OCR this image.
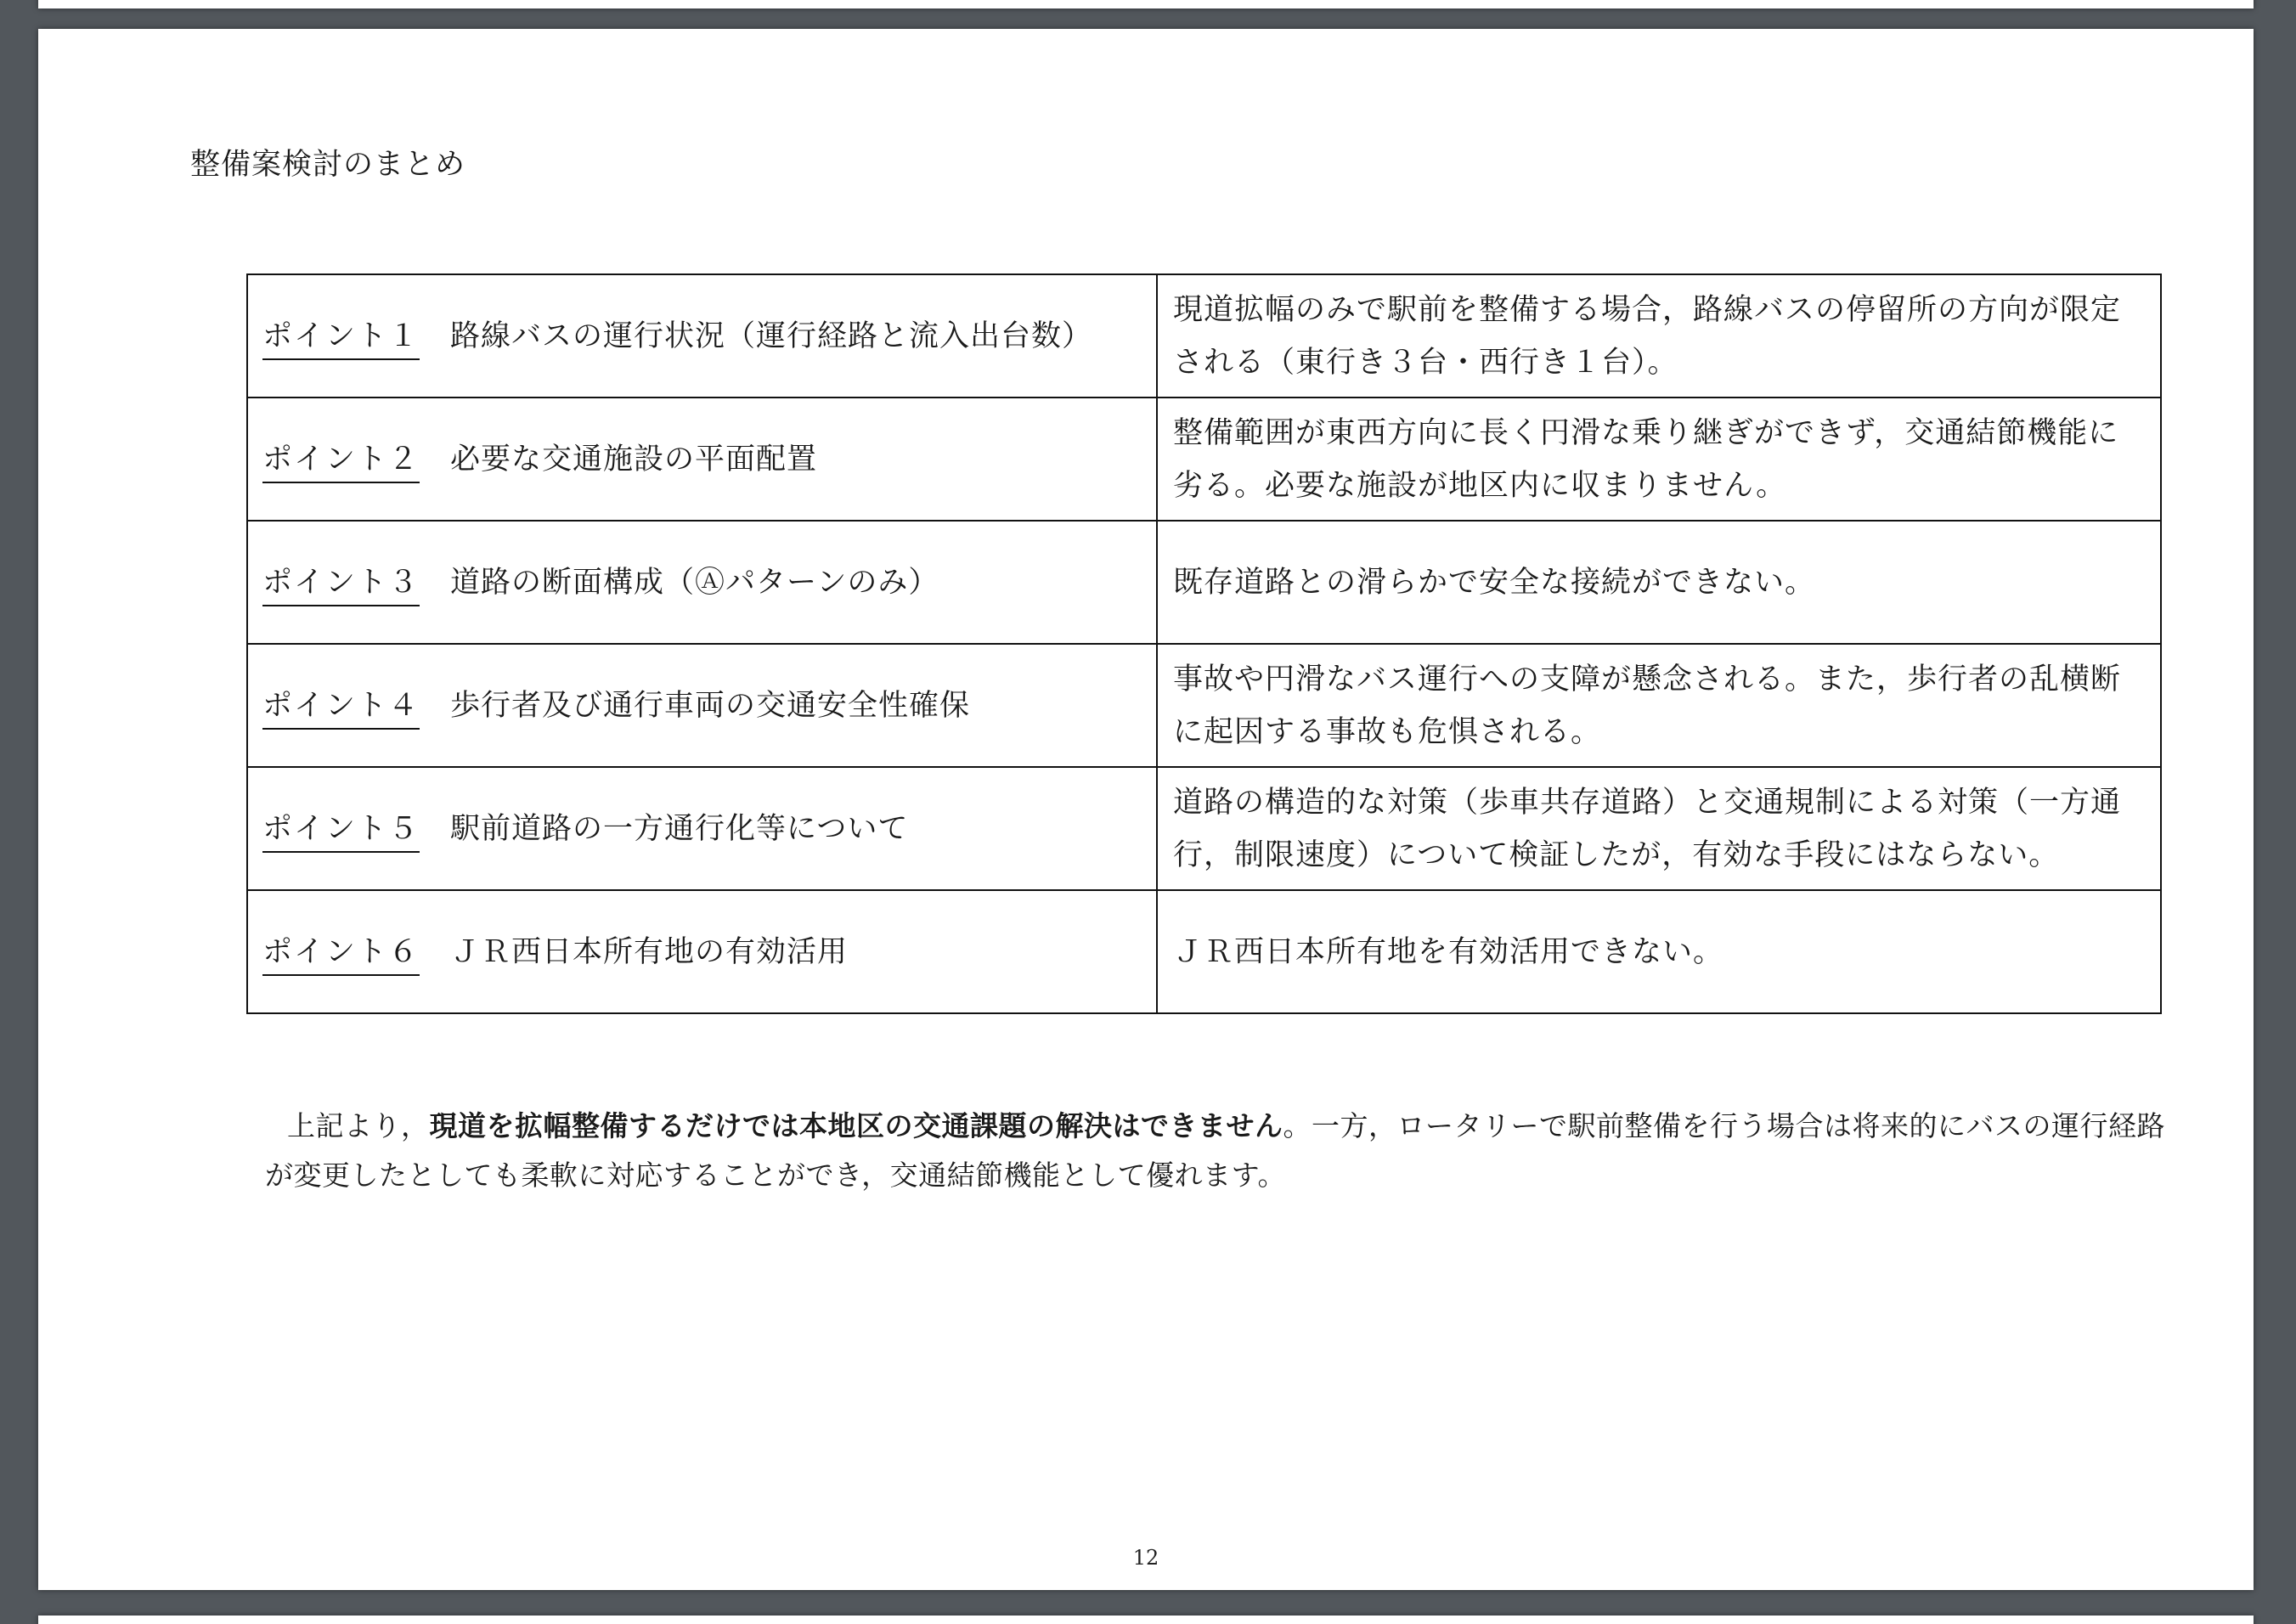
整備案検討のまとめ
ポイント１ 路線バスの運行状況（運行経路と流入出台数）	現道拡幅のみで駅前を整備する場合，路線バスの停留所の方向が限定される（東行き３台・西行き１台）。
ポイント２ 必要な交通施設の平面配置	整備範囲が東西方向に長く円滑な乗り継ぎができず，交通結節機能に劣る。必要な施設が地区内に収まりません。
ポイント３ 道路の断面構成（Ⓐパターンのみ）	既存道路との滑らかで安全な接続ができない。
ポイント４ 歩行者及び通行車両の交通安全性確保	事故や円滑なバス運行への支障が懸念される。また，歩行者の乱横断に起因する事故も危惧される。
ポイント５ 駅前道路の一方通行化等について	道路の構造的な対策（歩車共存道路）と交通規制による対策（一方通行，制限速度）について検証したが，有効な手段にはならない。
ポイント６ ＪＲ西日本所有地の有効活用	ＪＲ西日本所有地を有効活用できない。

上記より，現道を拡幅整備するだけでは本地区の交通課題の解決はできません。一方，ロータリーで駅前整備を行う場合は将来的にバスの運行経路が変更したとしても柔軟に対応することができ，交通結節機能として優れます。

12
